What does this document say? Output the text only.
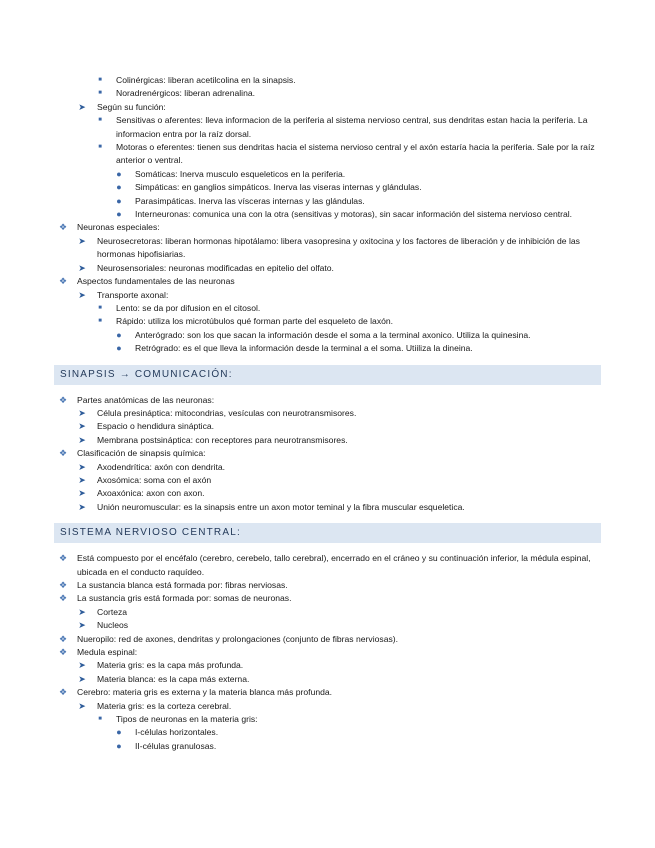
■	Colinérgicas: liberan acetilcolina en la sinapsis.
■	Noradrenérgicos: liberan adrenalina.
➤ Según su función:
■	Sensitivas o aferentes: lleva informacion de la periferia al sistema nervioso central, sus dendritas estan hacia la periferia. La informacion entra por la raíz dorsal.
■	Motoras o eferentes: tienen sus dendritas hacia el sistema nervioso central y el axón estaría hacia la periferia. Sale por la raíz anterior o ventral.
● Somáticas: Inerva musculo esqueleticos en la periferia.
● Simpáticas: en ganglios simpáticos. Inerva las viseras internas y glándulas.
● Parasimpáticas. Inerva las vísceras internas y las glándulas.
● Interneuronas: comunica una con la otra (sensitivas y motoras), sin sacar información del sistema nervioso central.
❖ Neuronas especiales:
➤ Neurosecretoras: liberan hormonas hipotálamo: libera vasopresina y oxitocina y los factores de liberación y de inhibición de las hormonas hipofisiarias.
➤ Neurosensoriales: neuronas modificadas en epitelio del olfato.
❖ Aspectos fundamentales de las neuronas
➤ Transporte axonal:
■	Lento: se da por difusion en el citosol.
■	Rápido: utiliza los microtúbulos qué forman parte del esqueleto de laxón.
● Anterógrado: son los que sacan la información desde el soma a la terminal axonico. Utiliza la quinesina.
● Retrógrado: es el que lleva la información desde la terminal a el soma. Utiiliza la dineina.
SINAPSIS → COMUNICACIÓN:
❖ Partes anatómicas de las neuronas:
➤ Célula presináptica: mitocondrias, vesículas con neurotransmisores.
➤ Espacio o hendidura sináptica.
➤ Membrana postsináptica: con receptores para neurotransmisores.
❖ Clasificación de sinapsis química:
➤ Axodendrítica: axón con dendrita.
➤ Axosómica: soma con el axón
➤ Axoaxónica: axon con axon.
➤ Unión neuromuscular: es la sinapsis entre un axon motor teminal y la fibra muscular esqueletica.
SISTEMA NERVIOSO CENTRAL:
❖ Está compuesto por el encéfalo (cerebro, cerebelo, tallo cerebral), encerrado en el cráneo y su continuación inferior, la médula espinal, ubicada en el conducto raquídeo.
❖ La sustancia blanca está formada por: fibras nerviosas.
❖ La sustancia gris está formada por: somas de neuronas.
➤ Corteza
➤ Nucleos
❖ Nueropilo: red de axones, dendritas y prolongaciones (conjunto de fibras nerviosas).
❖ Medula espinal:
➤ Materia gris: es la capa más profunda.
➤ Materia blanca: es la capa más externa.
❖ Cerebro: materia gris es externa y la materia blanca más profunda.
➤ Materia gris: es la corteza cerebral.
■	Tipos de neuronas en la materia gris:
● I-células horizontales.
● II-células granulosas.
